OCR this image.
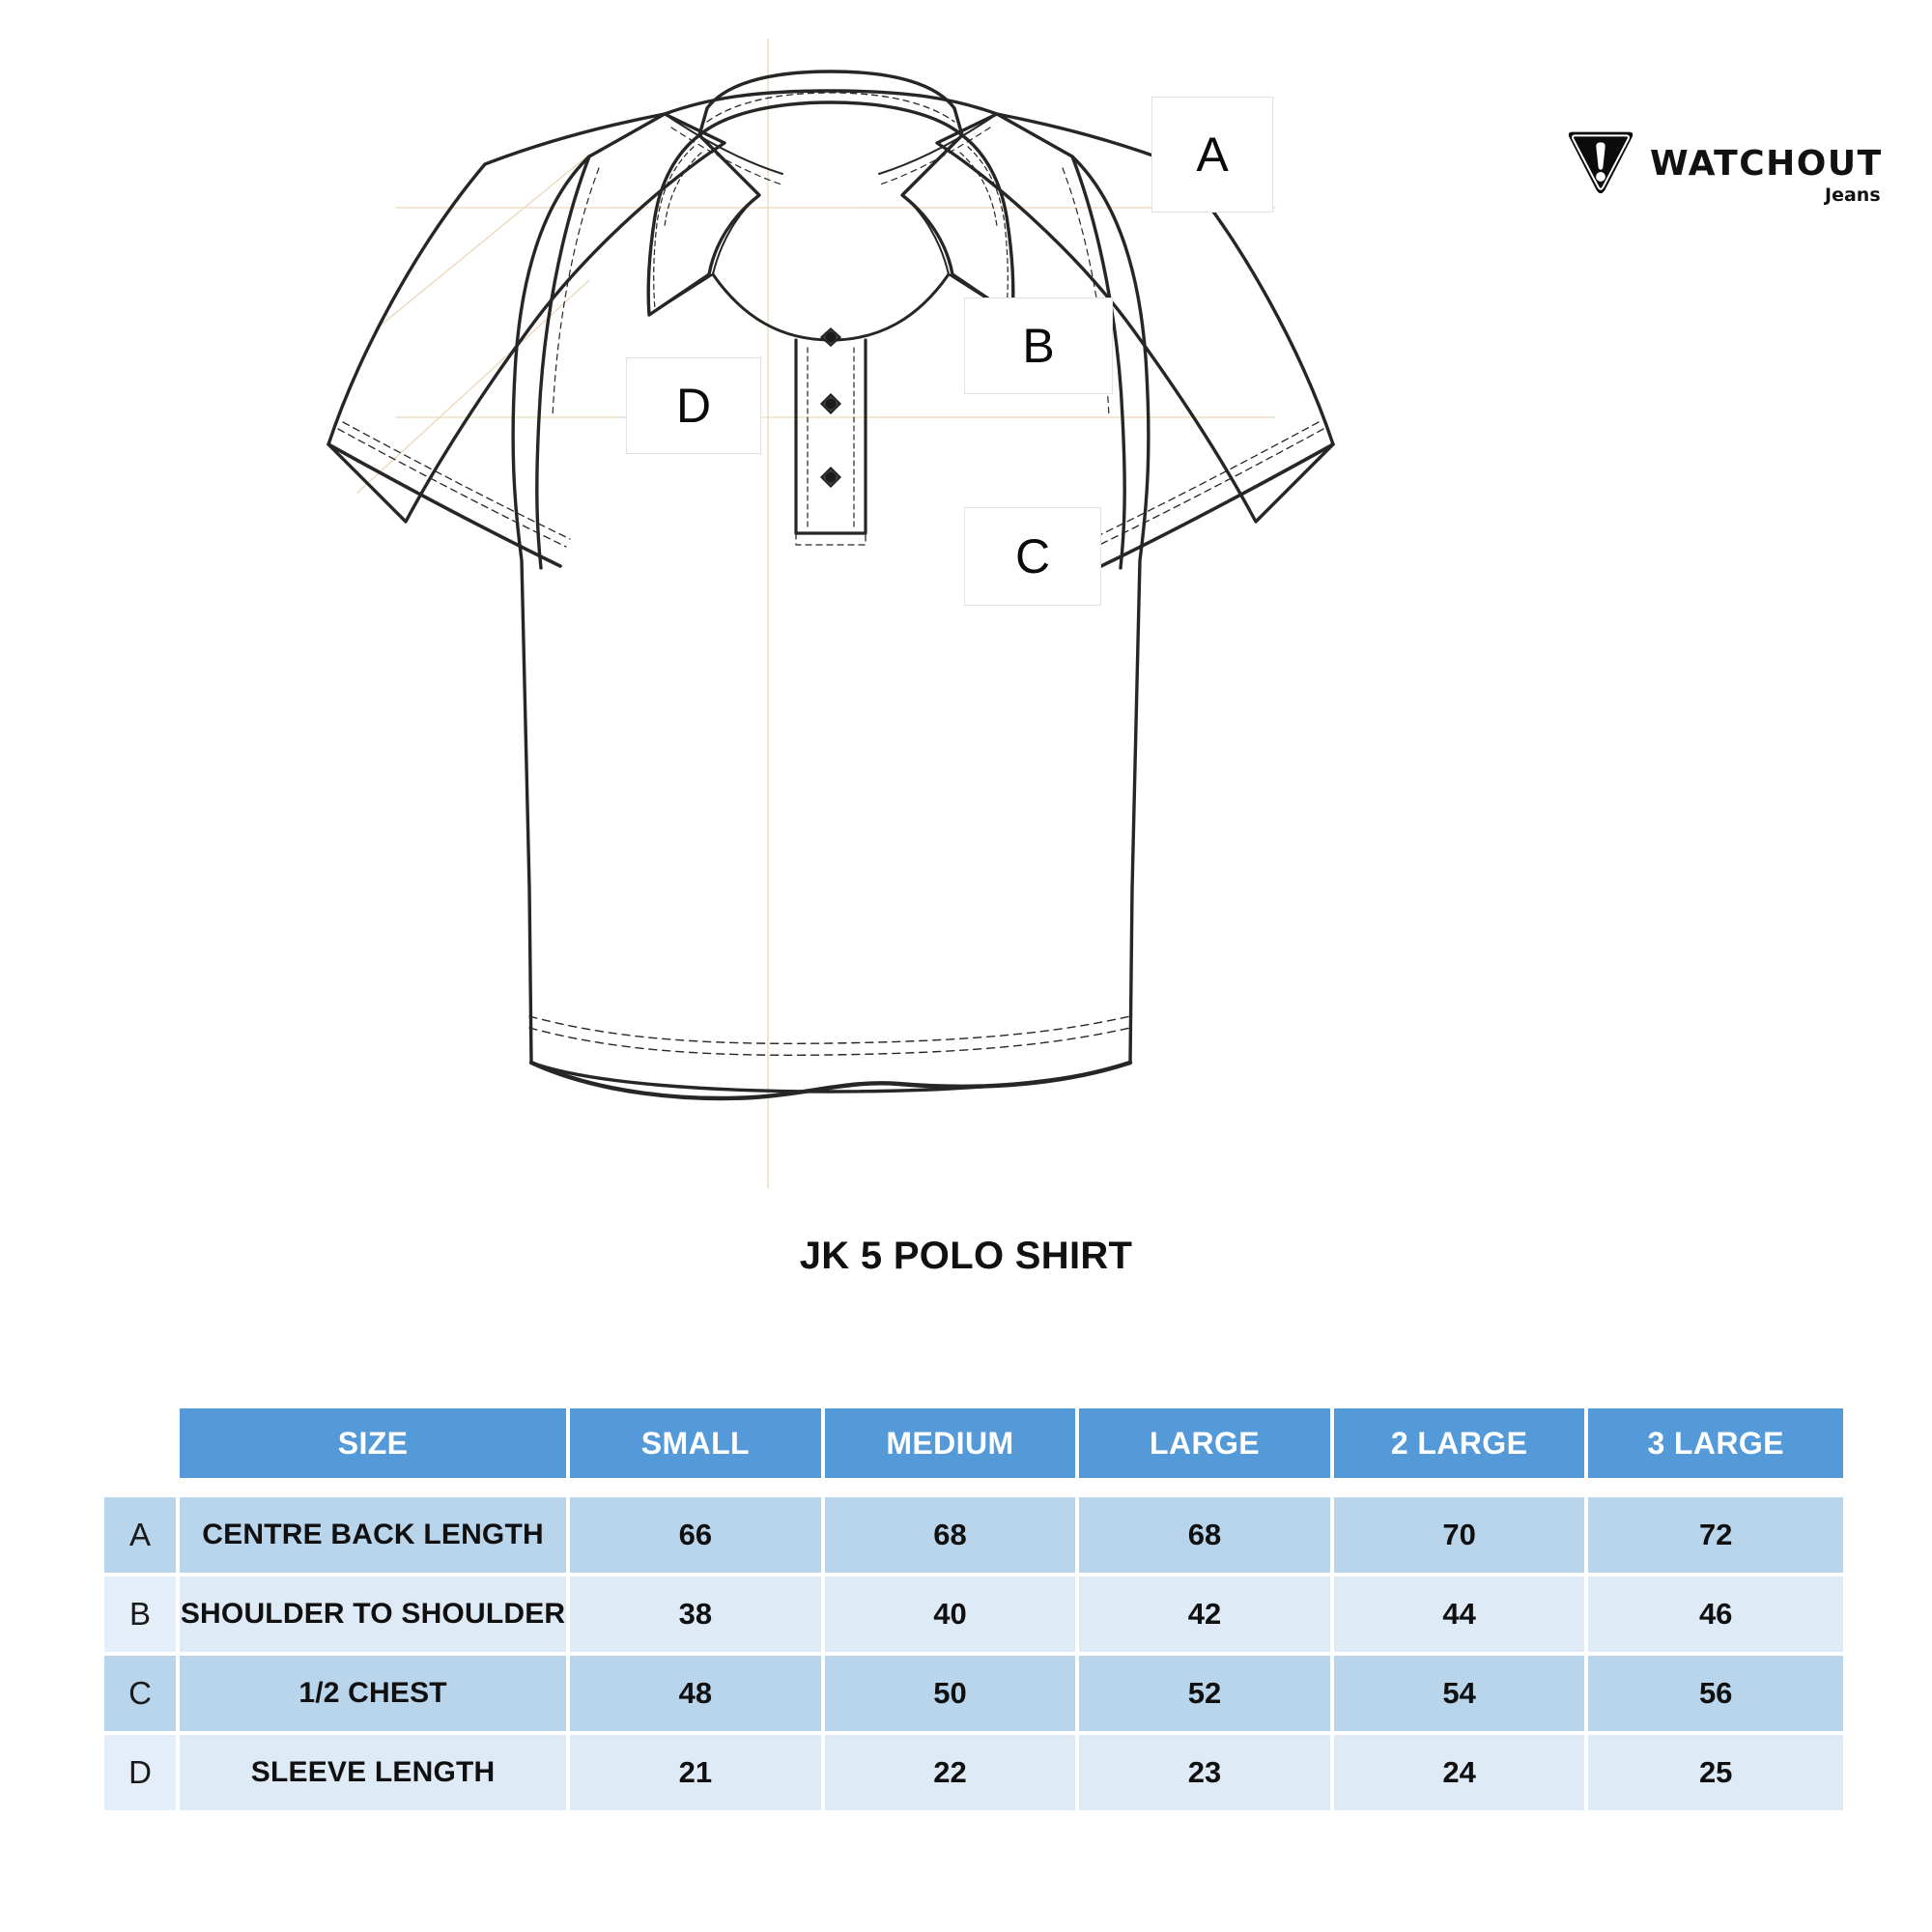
WATCHOUT
Jeans
A
B
C
D
JK 5 POLO SHIRT
	SIZE	SMALL	MEDIUM	LARGE	2 LARGE	3 LARGE

A	CENTRE BACK LENGTH	66	68	68	70	72
B	SHOULDER TO SHOULDER	38	40	42	44	46
C	1/2 CHEST	48	50	52	54	56
D	SLEEVE LENGTH	21	22	23	24	25
